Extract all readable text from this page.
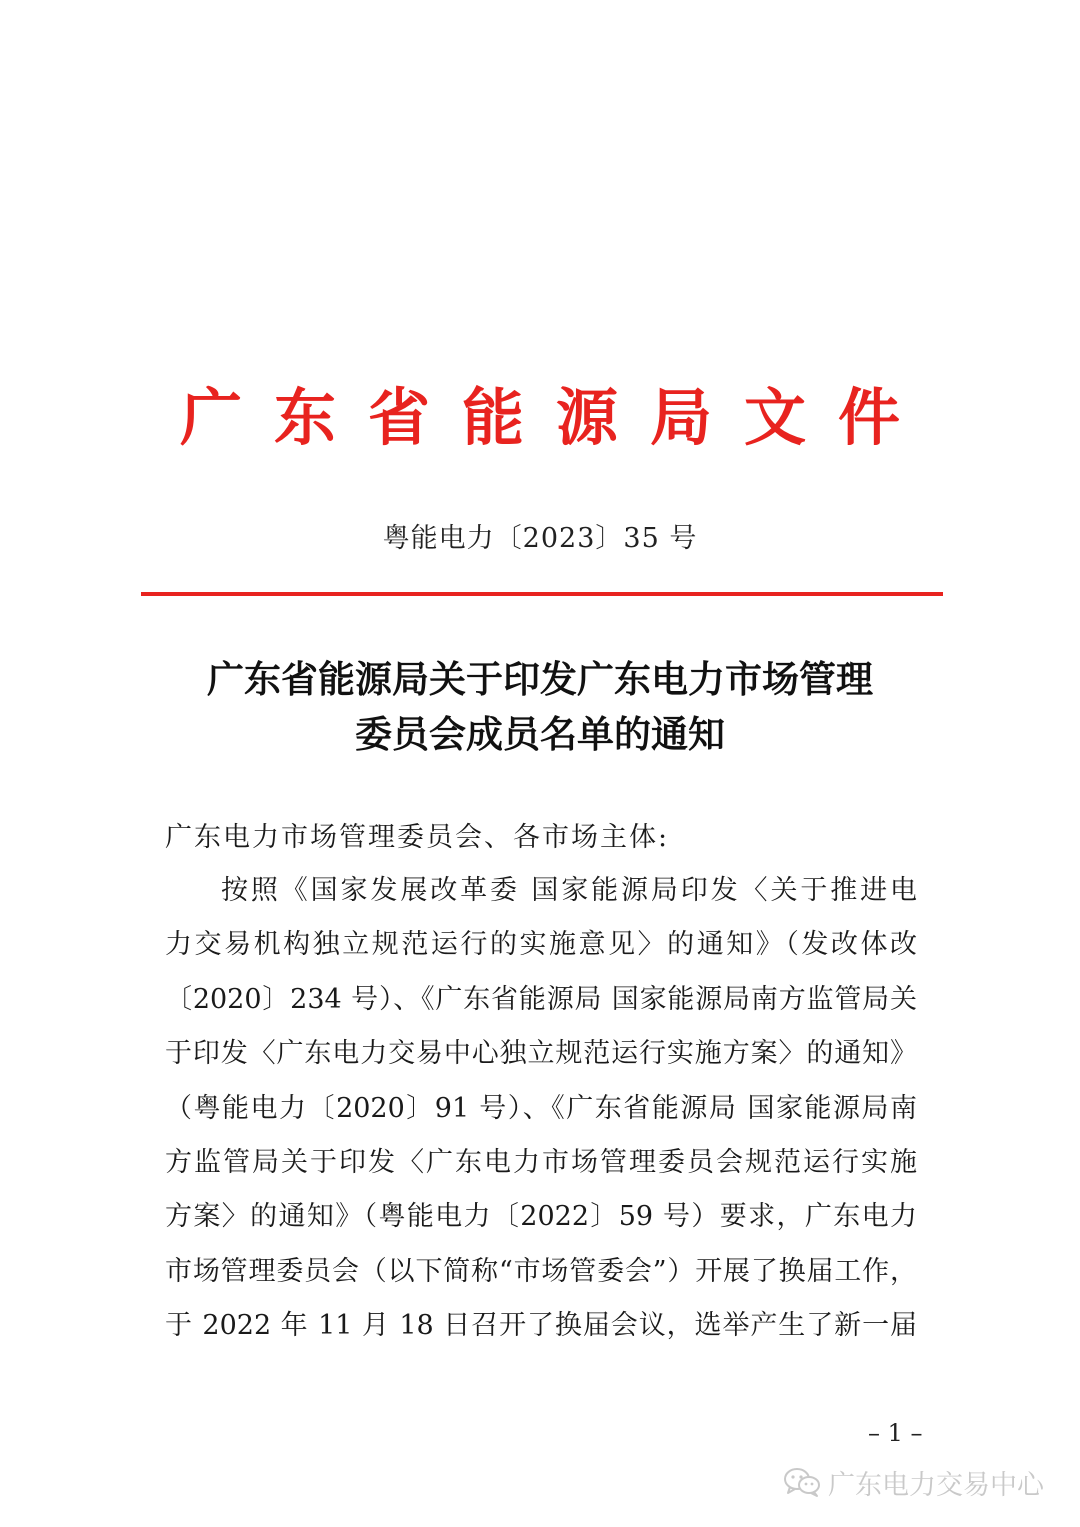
广东省能源局文件
粤能电力〔2023〕35 号
广东省能源局关于印发广东电力市场管理
委员会成员名单的通知
广东电力市场管理委员会、各市场主体:
按照《国家发展改革委 国家能源局印发〈关于推进电
力交易机构独立规范运行的实施意见〉的通知》（发改体改
〔2020〕234 号）、《广东省能源局 国家能源局南方监管局关
于印发〈广东电力交易中心独立规范运行实施方案〉的通知》
（粤能电力〔2020〕91 号）、《广东省能源局 国家能源局南
方监管局关于印发〈广东电力市场管理委员会规范运行实施
方案〉的通知》（粤能电力〔2022〕59 号）要求，广东电力
市场管理委员会（以下简称“市场管委会”）开展了换届工作，
于 2022 年 11 月 18 日召开了换届会议，选举产生了新一届
– 1 –
广东电力交易中心
